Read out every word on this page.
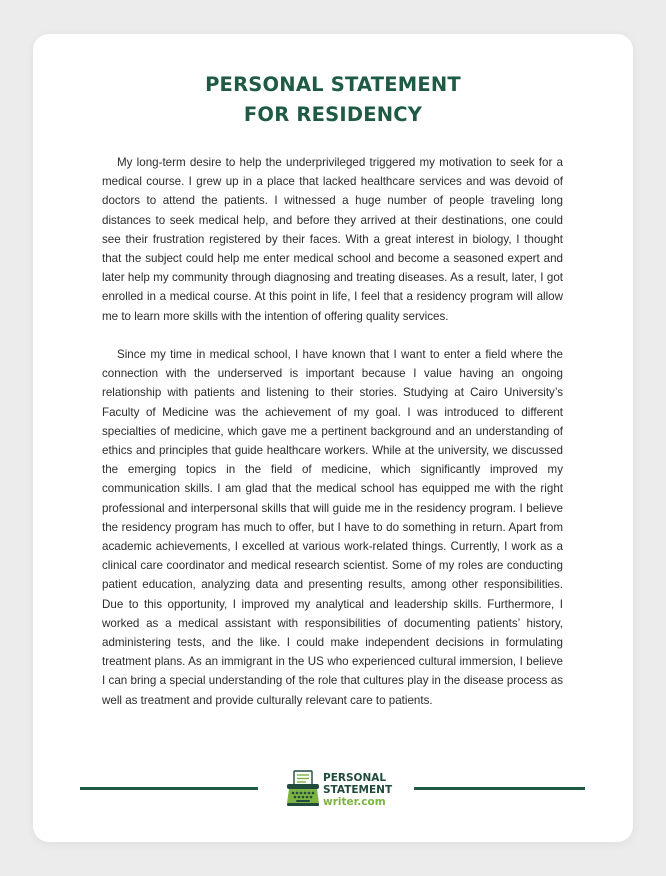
PERSONAL STATEMENT
FOR RESIDENCY

My long-term desire to help the underprivileged triggered my motivation to seek for a medical course. I grew up in a place that lacked healthcare services and was devoid of doctors to attend the patients. I witnessed a huge number of people traveling long distances to seek medical help, and before they arrived at their destinations, one could see their frustration registered by their faces. With a great interest in biology, I thought that the subject could help me enter medical school and become a seasoned expert and later help my community through diagnosing and treating diseases. As a result, later, I got enrolled in a medical course. At this point in life, I feel that a residency program will allow me to learn more skills with the intention of offering quality services.

Since my time in medical school, I have known that I want to enter a field where the connection with the underserved is important because I value having an ongoing relationship with patients and listening to their stories. Studying at Cairo University’s Faculty of Medicine was the achievement of my goal. I was introduced to different specialties of medicine, which gave me a pertinent background and an understanding of ethics and principles that guide healthcare workers. While at the university, we discussed the emerging topics in the field of medicine, which significantly improved my communication skills. I am glad that the medical school has equipped me with the right professional and interpersonal skills that will guide me in the residency program. I believe the residency program has much to offer, but I have to do something in return. Apart from academic achievements, I excelled at various work-related things. Currently, I work as a clinical care coordinator and medical research scientist. Some of my roles are conducting patient education, analyzing data and presenting results, among other responsibilities. Due to this opportunity, I improved my analytical and leadership skills. Furthermore, I worked as a medical assistant with responsibilities of documenting patients’ history, administering tests, and the like. I could make independent decisions in formulating treatment plans. As an immigrant in the US who experienced cultural immersion, I believe I can bring a special understanding of the role that cultures play in the disease process as well as treatment and provide culturally relevant care to patients.

PERSONAL
STATEMENT
writer.com
